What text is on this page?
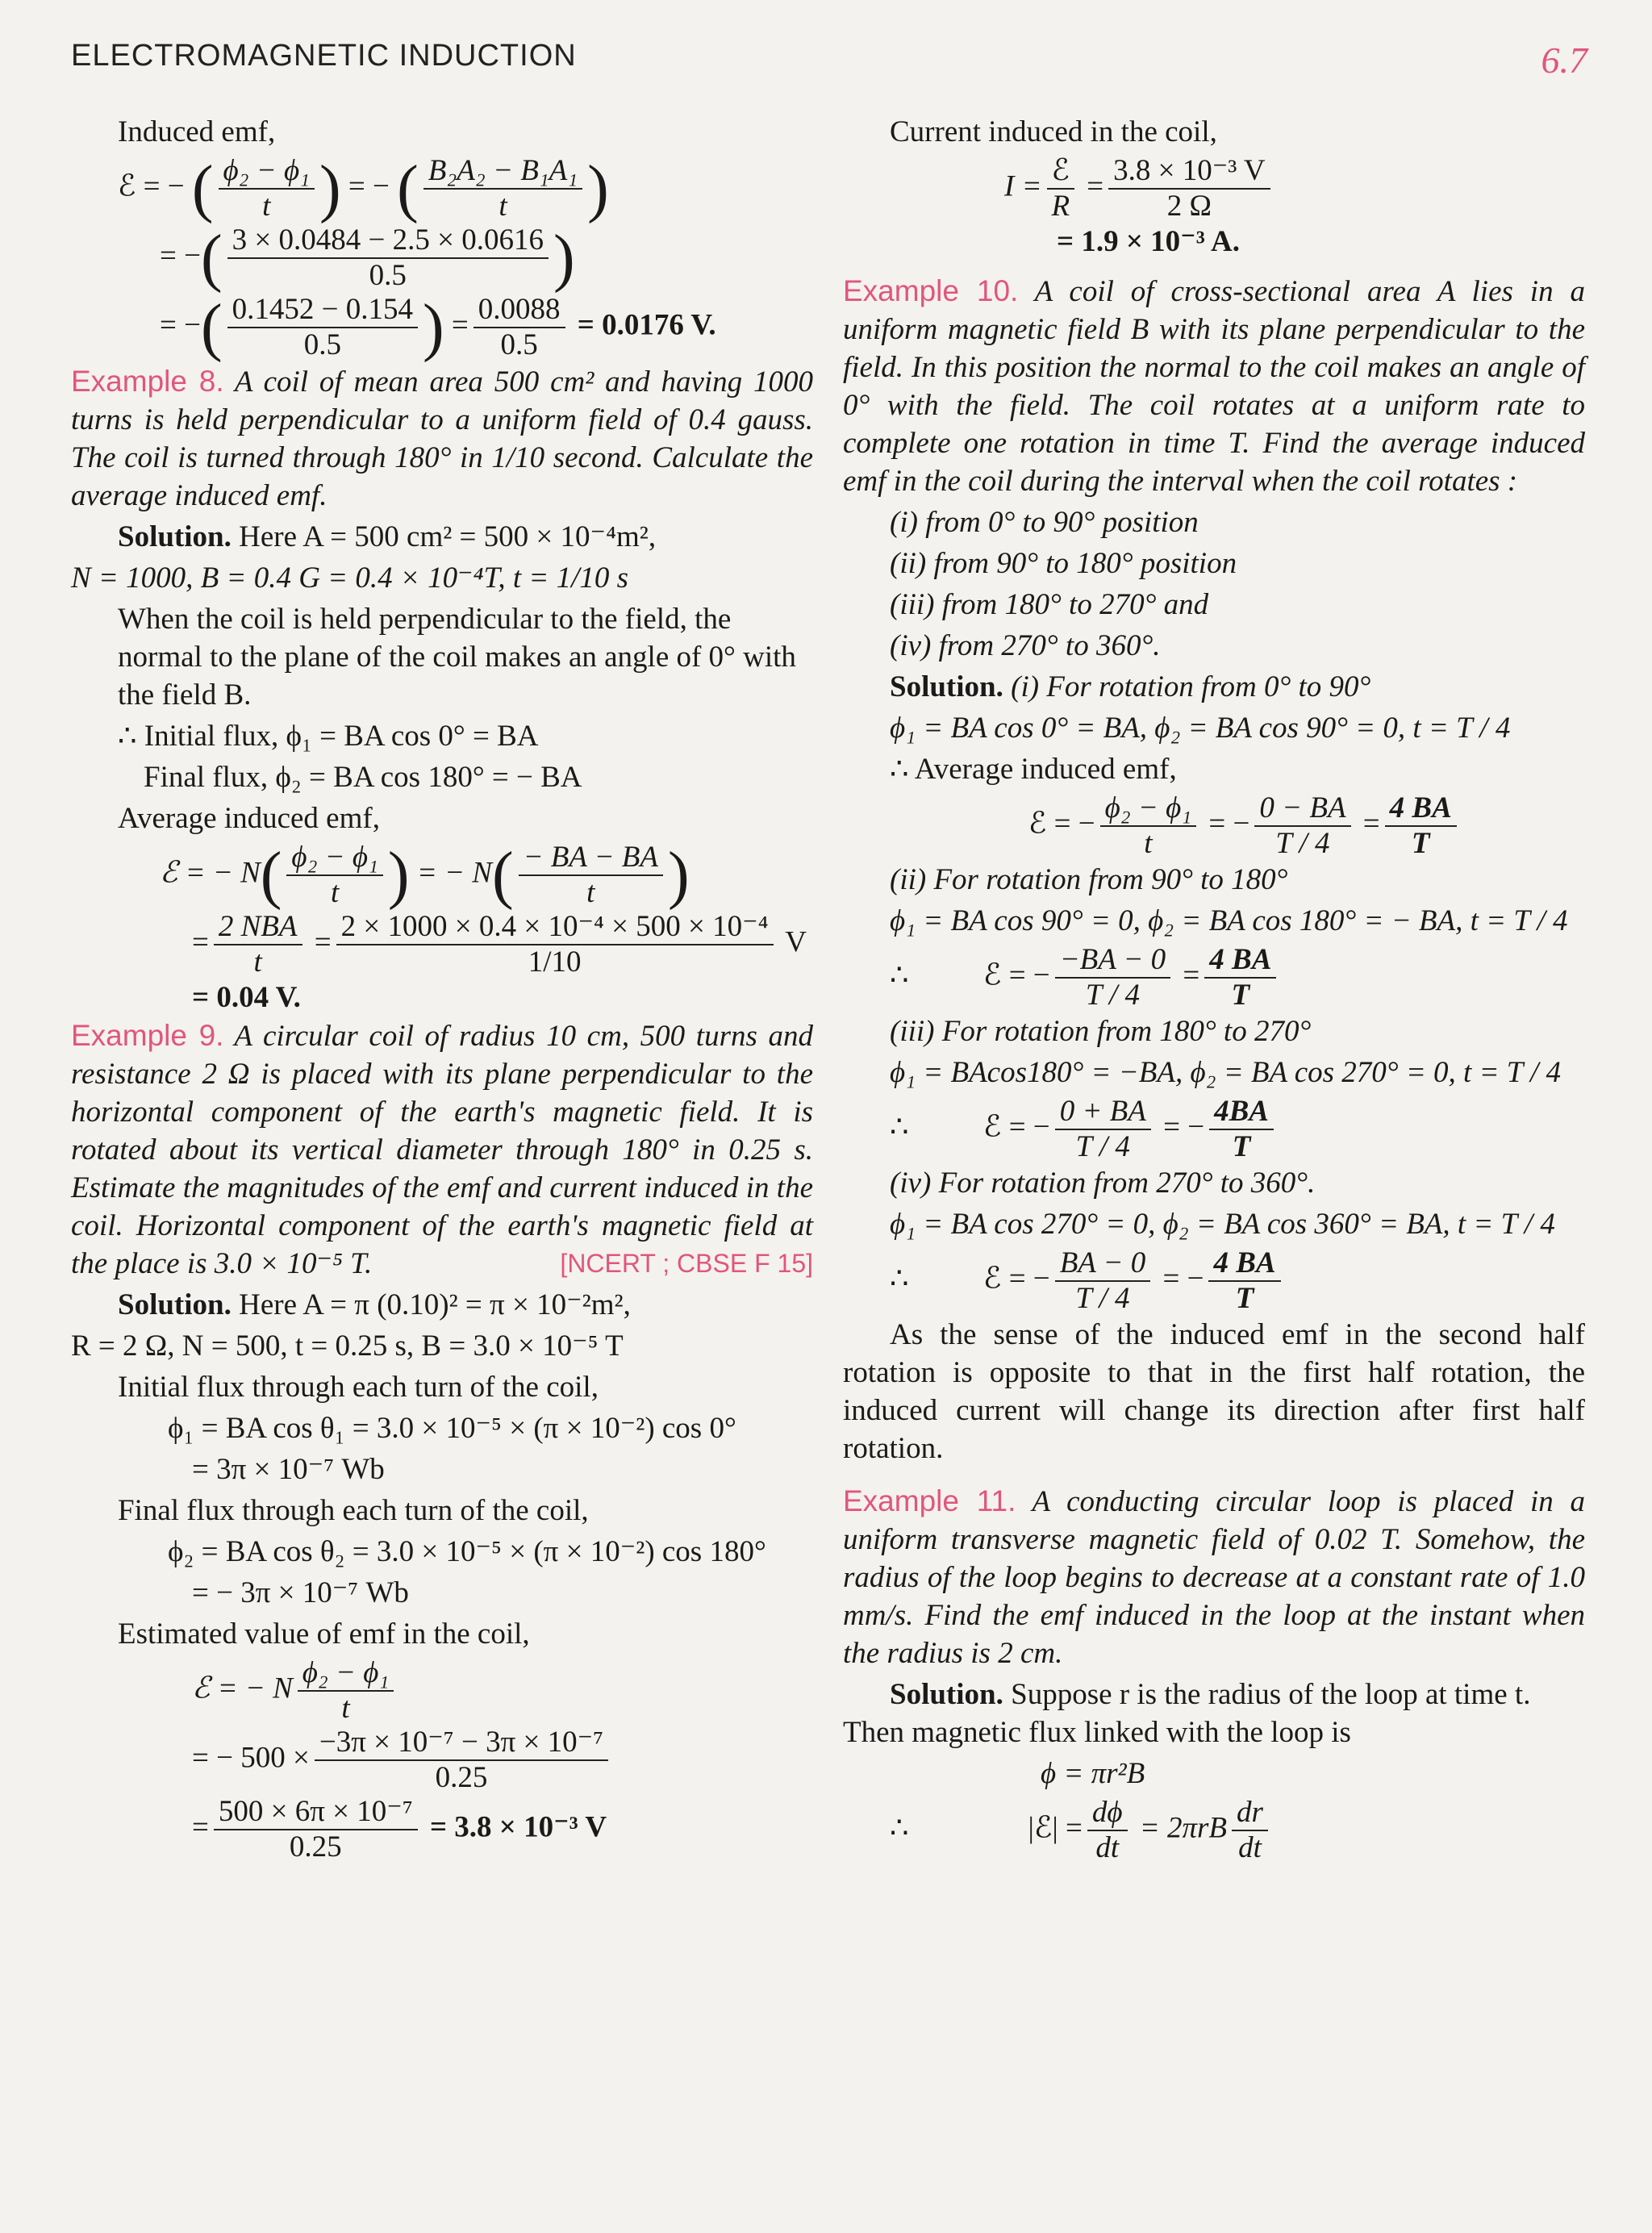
ELECTROMAGNETIC INDUCTION	6.7
Induced emf,
ℰ = − ( $\frac{\text{ϕ₂ − ϕ₁}}{t}$ ) = − ( $\frac{\text{B₂A₂ − B₁A₁}}{t}$ )
= −( $\frac{3 \times 0.0484 - 2.5 \times 0.0616}{0.5}$ )
= −( $\frac{0.1452 - 0.154}{0.5}$ ) = $\frac{0.0088}{0.5} = 0.0176$ V.
Example 8. A coil of mean area 500 cm² and having 1000 turns is held perpendicular to a uniform field of 0.4 gauss. The coil is turned through 180° in 1/10 second. Calculate the average induced emf.
Solution. Here A = 500 cm² = 500 × 10⁻⁴m²,
N = 1000, B = 0.4 G = 0.4 × 10⁻⁴T, t = 1/10 s
When the coil is held perpendicular to the field, the normal to the plane of the coil makes an angle of 0° with the field B.
∴ Initial flux, ϕ₁ = BA cos 0° = BA
Final flux, ϕ₂ = BA cos 180° = − BA
Average induced emf,
ℰ = − $N( \frac{\text{ϕ₂ − ϕ₁}}{t}$ ) = − $N( \frac{- BA - BA}{t}$ )
= $\frac{\text{2 NBA}}{t} = \frac{\text{2 × 1000 × 0.4 × 10⁻⁴ × 500 × 10⁻⁴}}{1/10}$ V
= 0.04 V.
Example 9. A circular coil of radius 10 cm, 500 turns and resistance 2 Ω is placed with its plane perpendicular to the horizontal component of the earth's magnetic field. It is rotated about its vertical diameter through 180° in 0.25 s. Estimate the magnitudes of the emf and current induced in the coil. Horizontal component of the earth's magnetic field at the place is 3.0 × 10⁻⁵ T.	[NCERT ; CBSE F 15]
Solution. Here A = π (0.10)² = π × 10⁻²m²,
R = 2 Ω, N = 500, t = 0.25 s, B = 3.0 × 10⁻⁵ T
Initial flux through each turn of the coil,
ϕ₁ = BA cos θ₁ = 3.0 × 10⁻⁵ × (π × 10⁻²) cos 0°
= 3π × 10⁻⁷ Wb
Final flux through each turn of the coil,
ϕ₂ = BA cos θ₂ = 3.0 × 10⁻⁵ × (π × 10⁻²) cos 180°
= − 3π × 10⁻⁷ Wb
Estimated value of emf in the coil,
ℰ = − N $\frac{\text{ϕ₂ − ϕ₁}}{t}$
= − $500 \times \frac{\text{−3π × 10⁻⁷ − 3π × 10⁻⁷}}{0.25}$
= $\frac{\text{500 × 6π × 10⁻⁷}}{0.25} = 3.8 \times 10^{-3}$ V
Current induced in the coil,
$I = \frac{\text{ℰ}}{R} = \frac{\text{3.8 × 10⁻³ V}}{2 \Omega}$
= 1.9 × 10⁻³ A.
Example 10. A coil of cross-sectional area A lies in a uniform magnetic field B with its plane perpendicular to the field. In this position the normal to the coil makes an angle of 0° with the field. The coil rotates at a uniform rate to complete one rotation in time T. Find the average induced emf in the coil during the interval when the coil rotates :
(i) from 0° to 90° position
(ii) from 90° to 180° position
(iii) from 180° to 270° and
(iv) from 270° to 360°.
Solution. (i) For rotation from 0° to 90°
ϕ₁ = BA cos 0° = BA, ϕ₂ = BA cos 90° = 0, t = T / 4
∴ Average induced emf,
ℰ = − $\frac{\text{ϕ₂ − ϕ₁}}{t}$ = − $\frac{0 - BA}{T / 4} = \frac{4 BA}{T}$
(ii) For rotation from 90° to 180°
ϕ₁ = BA cos 90° = 0, ϕ₂ = BA cos 180° = − BA, t = T / 4
∴          ℰ = − $\frac{-BA - 0}{T / 4} = \frac{4 BA}{T}$
(iii) For rotation from 180° to 270°
ϕ₁ = BAcos180° = −BA, ϕ₂ = BA cos 270° = 0, t = T / 4
∴          ℰ = − $\frac{0 + BA}{T / 4}$ = − $\frac{4BA}{T}$
(iv) For rotation from 270° to 360°.
ϕ₁ = BA cos 270° = 0, ϕ₂ = BA cos 360° = BA, t = T / 4
∴          ℰ = − $\frac{BA - 0}{T / 4}$ = − $\frac{4 BA}{T}$
As the sense of the induced emf in the second half rotation is opposite to that in the first half rotation, the induced current will change its direction after first half rotation.
Example 11. A conducting circular loop is placed in a uniform transverse magnetic field of 0.02 T. Somehow, the radius of the loop begins to decrease at a constant rate of 1.0 mm/s. Find the emf induced in the loop at the instant when the radius is 2 cm.
Solution. Suppose r is the radius of the loop at time t. Then magnetic flux linked with the loop is
ϕ = πr²B
∴                |ℰ| = $\frac{d\phi}{dt} = 2\pi rB \frac{dr}{dt}$
